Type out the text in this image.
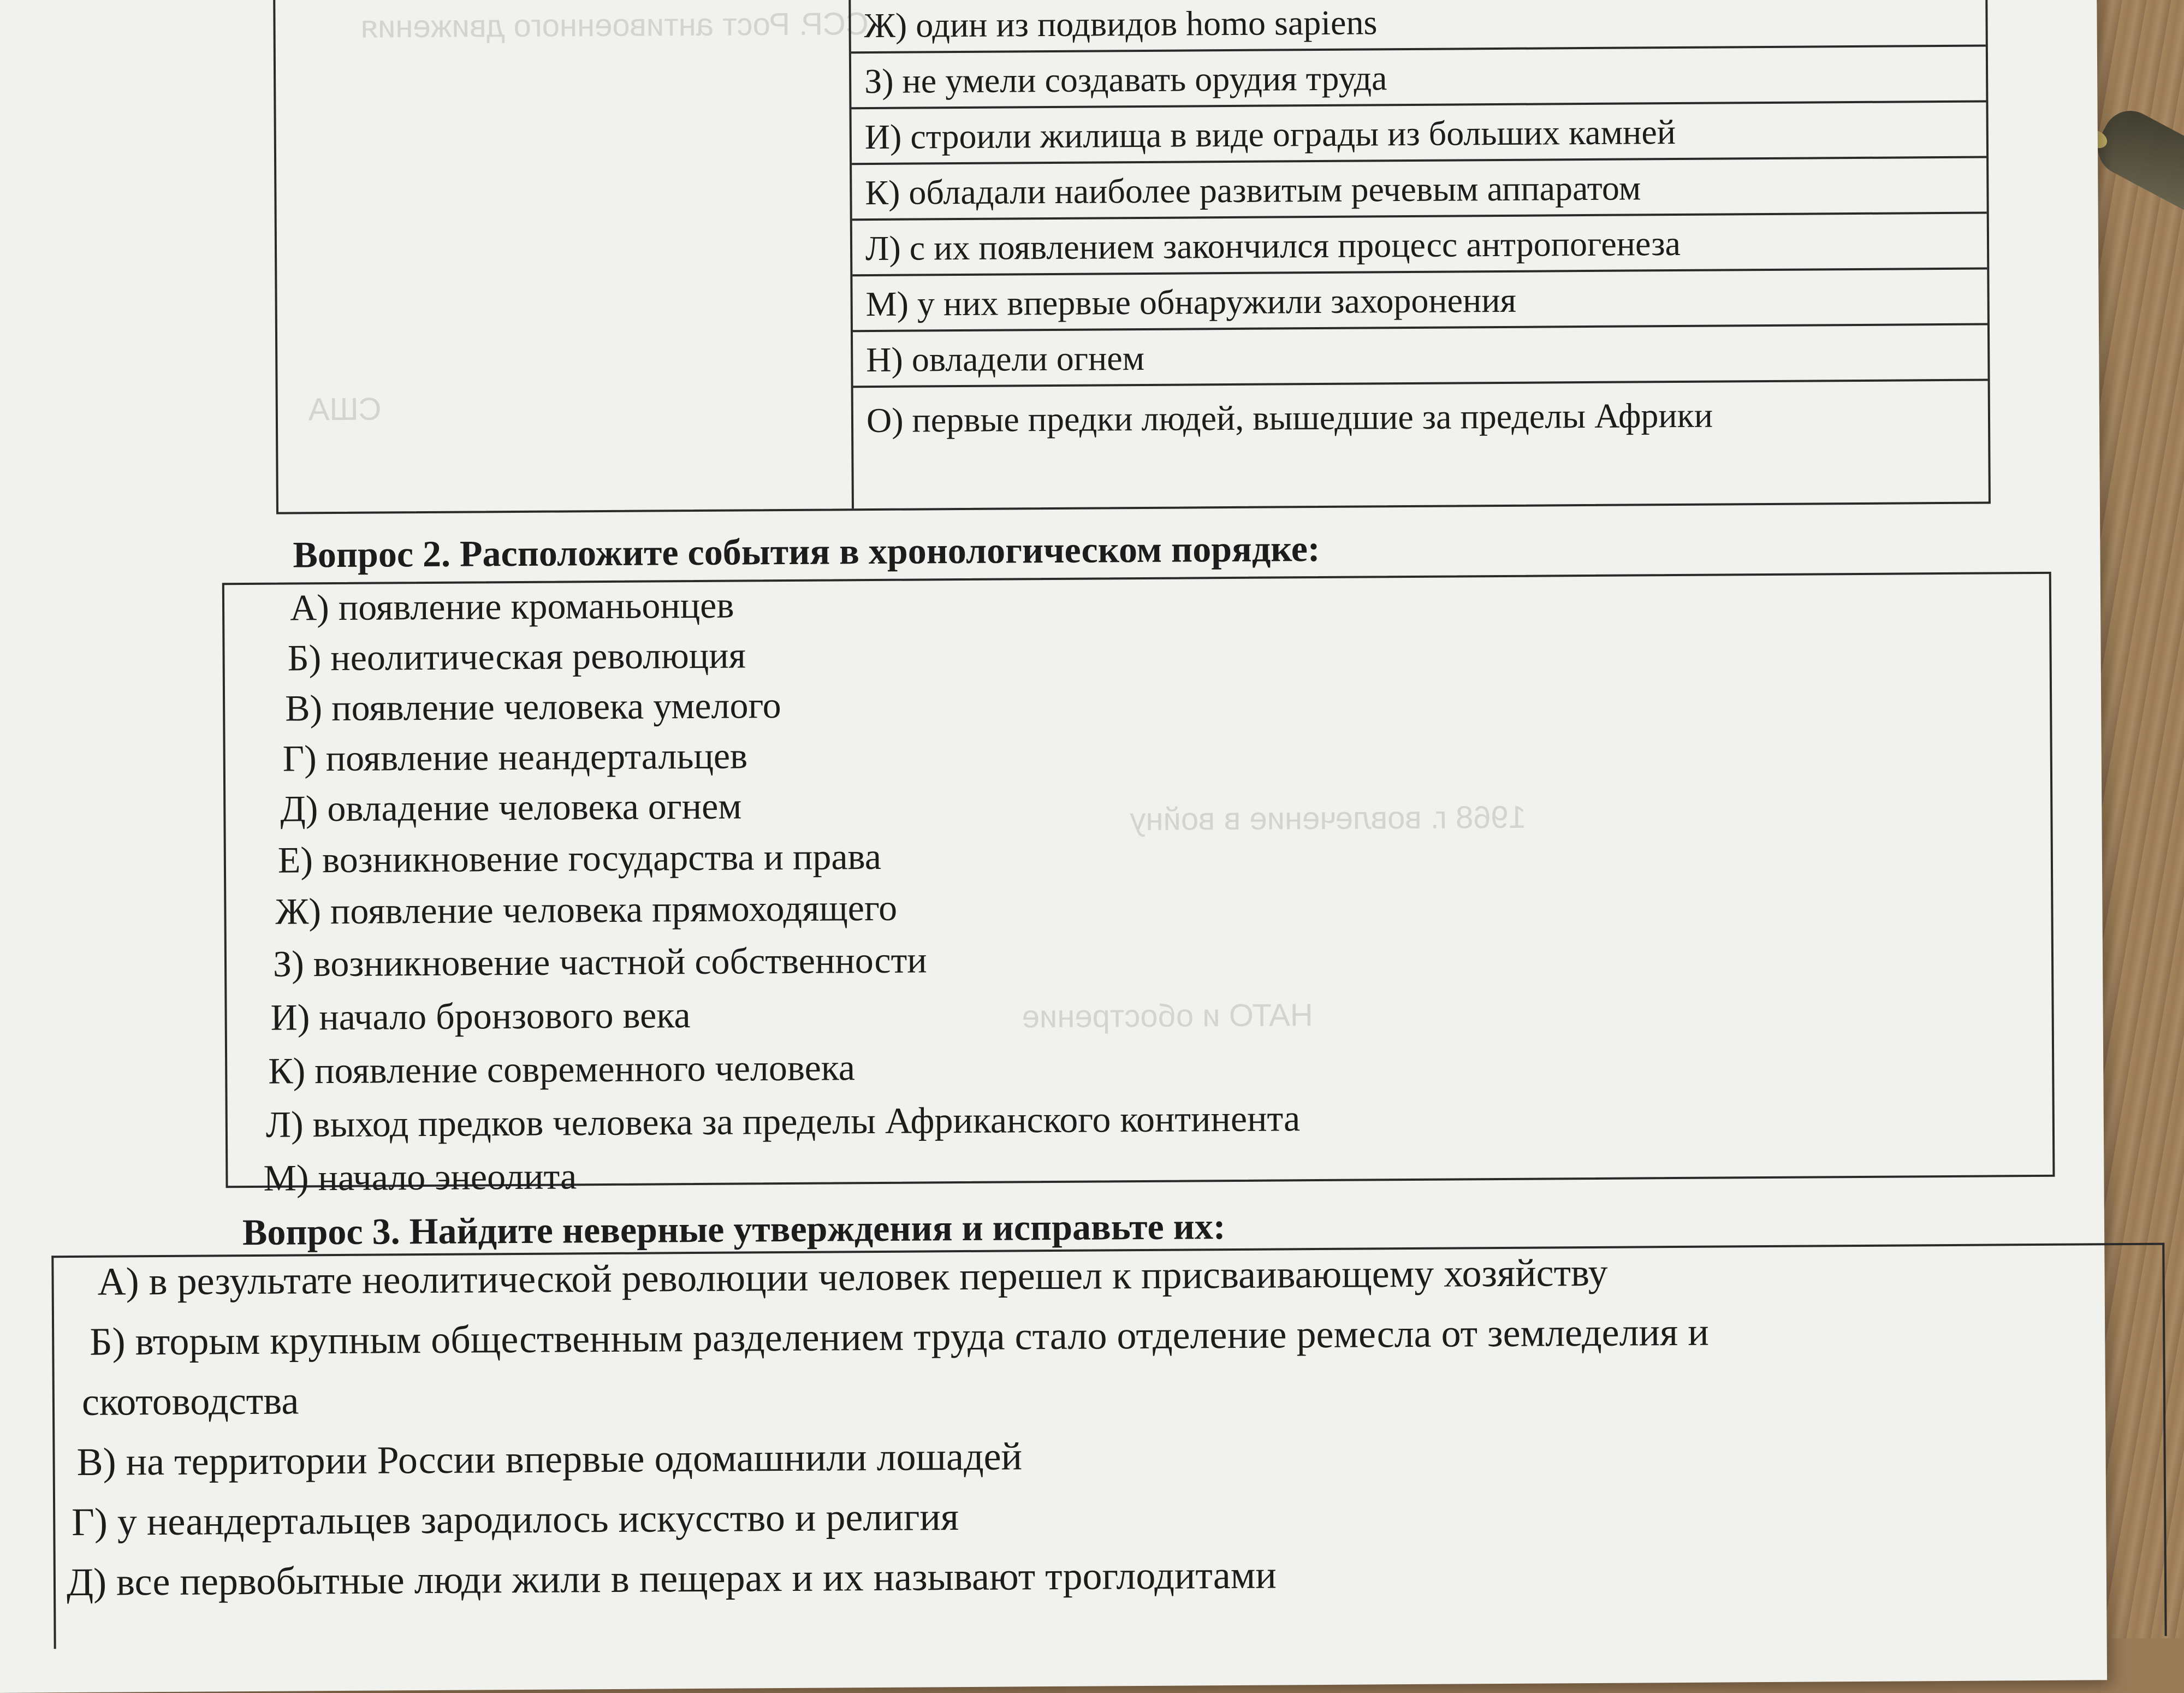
ССР. Рост антивоенного движения
США
1968 г. вовлечение в войну
НАТО и обострение
Ж) один из подвидов homo sapiens
З) не умели создавать орудия труда
И) строили жилища в виде ограды из больших камней
К) обладали наиболее развитым речевым аппаратом
Л) с их появлением закончился процесс антропогенеза
М) у них впервые обнаружили захоронения
Н) овладели огнем
О) первые предки людей, вышедшие за пределы Африки
Вопрос 2. Расположите события в хронологическом порядке:
А) появление кроманьонцев
Б) неолитическая революция
В) появление человека умелого
Г) появление неандертальцев
Д) овладение человека огнем
Е) возникновение государства и права
Ж) появление человека прямоходящего
З) возникновение частной собственности
И) начало бронзового века
К) появление современного человека
Л) выход предков человека за пределы Африканского континента
М) начало энеолита
Вопрос 3. Найдите неверные утверждения и исправьте их:
А) в результате неолитической революции человек перешел к присваивающему хозяйству
Б) вторым крупным общественным разделением труда стало отделение ремесла от земледелия и
скотоводства
В) на территории России впервые одомашнили лошадей
Г) у неандертальцев зародилось искусство и религия
Д) все первобытные люди жили в пещерах и их называют троглодитами
